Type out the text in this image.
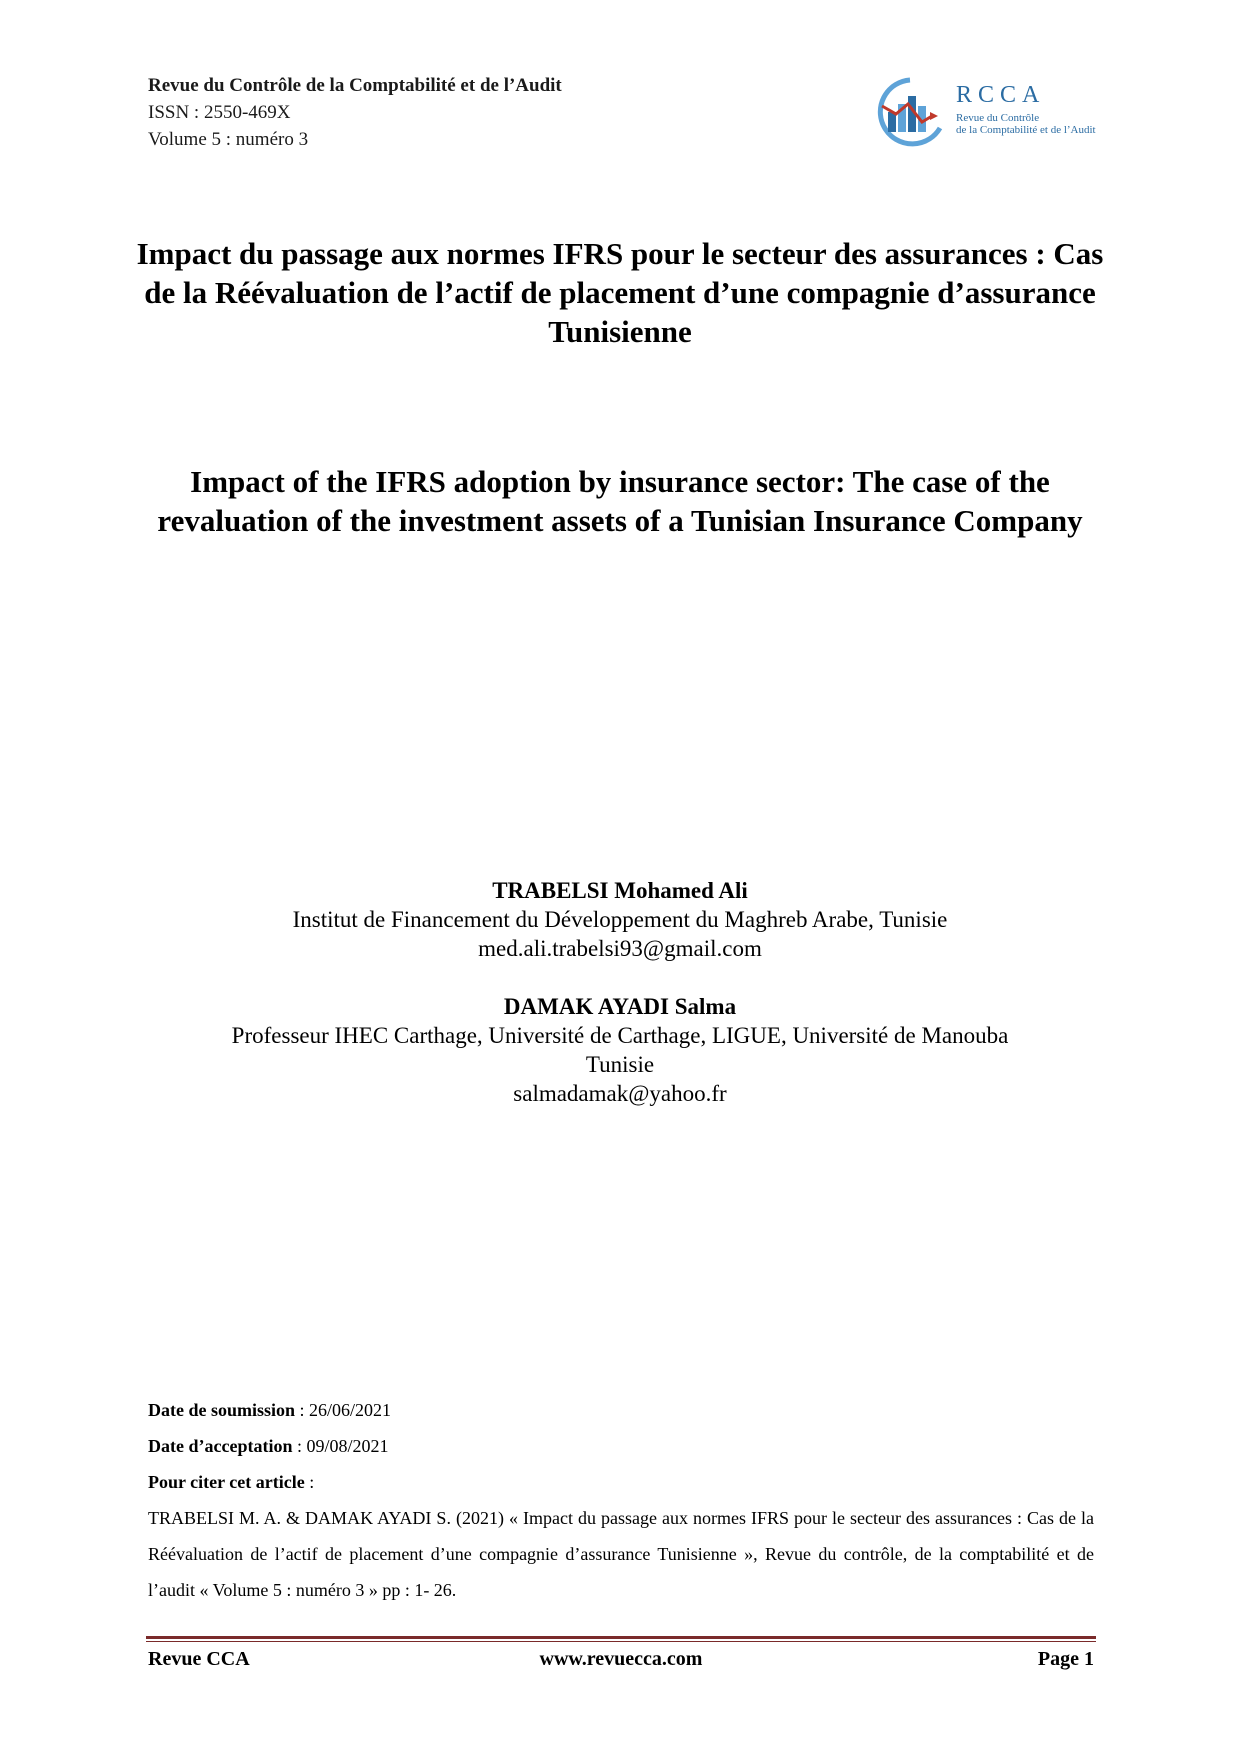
Revue du Contrôle de la Comptabilité et de l’Audit
ISSN : 2550-469X
Volume 5 : numéro 3
RCCA
Revue du Contrôle
de la Comptabilité et de l’Audit
Impact du passage aux normes IFRS pour le secteur des assurances : Cas de la Réévaluation de l’actif de placement d’une compagnie d’assurance Tunisienne
Impact of the IFRS adoption by insurance sector: The case of the revaluation of the investment assets of a Tunisian Insurance Company
TRABELSI Mohamed Ali
Institut de Financement du Développement du Maghreb Arabe, Tunisie
med.ali.trabelsi93@gmail.com
DAMAK AYADI Salma
Professeur IHEC Carthage, Université de Carthage, LIGUE, Université de Manouba
Tunisie
salmadamak@yahoo.fr
Date de soumission : 26/06/2021
Date d’acceptation : 09/08/2021
Pour citer cet article :
TRABELSI M. A. & DAMAK AYADI S. (2021) « Impact du passage aux normes IFRS pour le secteur des assurances : Cas de la Réévaluation de l’actif de placement d’une compagnie d’assurance Tunisienne », Revue du contrôle, de la comptabilité et de l’audit « Volume 5 : numéro 3 » pp : 1- 26.
Revue CCA	www.revuecca.com	Page 1
